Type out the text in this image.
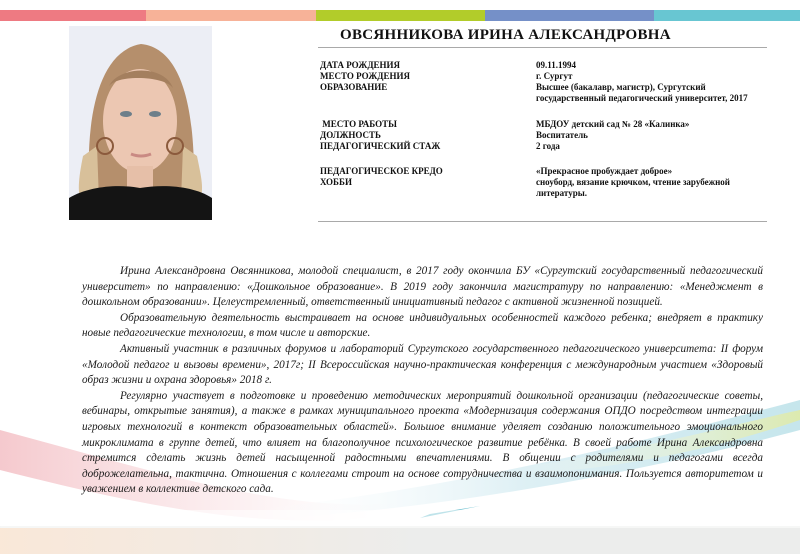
ОВСЯННИКОВА ИРИНА АЛЕКСАНДРОВНА
ДАТА РОЖДЕНИЯ	09.11.1994
МЕСТО РОЖДЕНИЯ	г. Сургут
ОБРАЗОВАНИЕ	Высшее (бакалавр, магистр), Сургутский государственный педагогический университет, 2017
МЕСТО РАБОТЫ	МБДОУ детский сад № 28 «Калинка»
ДОЛЖНОСТЬ	Воспитатель
ПЕДАГОГИЧЕСКИЙ СТАЖ	2 года
ПЕДАГОГИЧЕСКОЕ КРЕДО	«Прекрасное пробуждает доброе»
ХОББИ	сноуборд, вязание крючком, чтение зарубежной литературы.

Ирина Александровна Овсянникова, молодой специалист, в 2017 году окончила БУ «Сургутский государственный педагогический университет» по направлению: «Дошкольное образование». В 2019 году закончила магистратуру по направлению: «Менеджмент в дошкольном образовании». Целеустремленный, ответственный инициативный педагог с активной жизненной позицией.

Образовательную деятельность выстраивает на основе индивидуальных особенностей каждого ребенка; внедряет в практику новые педагогические технологии, в том числе и авторские.

Активный участник в различных форумов и лабораторий Сургутского государственного педагогического университета: II форум «Молодой педагог и вызовы времени», 2017г; II Всероссийская научно-практическая конференция с международным участием «Здоровый образ жизни и охрана здоровья» 2018 г.

Регулярно участвует в подготовке и проведению методических мероприятий дошкольной организации (педагогические советы, вебинары, открытые занятия), а также в рамках муниципального проекта «Модернизация содержания ОПДО посредством интеграции игровых технологий в контекст образовательных областей». Большое внимание уделяет созданию положительного эмоционального микроклимата в группе детей, что влияет на благополучное психологическое развитие ребёнка. В своей работе Ирина Александровна стремится сделать жизнь детей насыщенной радостными впечатлениями. В общении с родителями и педагогами всегда доброжелательна, тактична. Отношения с коллегами строит на основе сотрудничества и взаимопонимания. Пользуется авторитетом и уважением в коллективе детского сада.
